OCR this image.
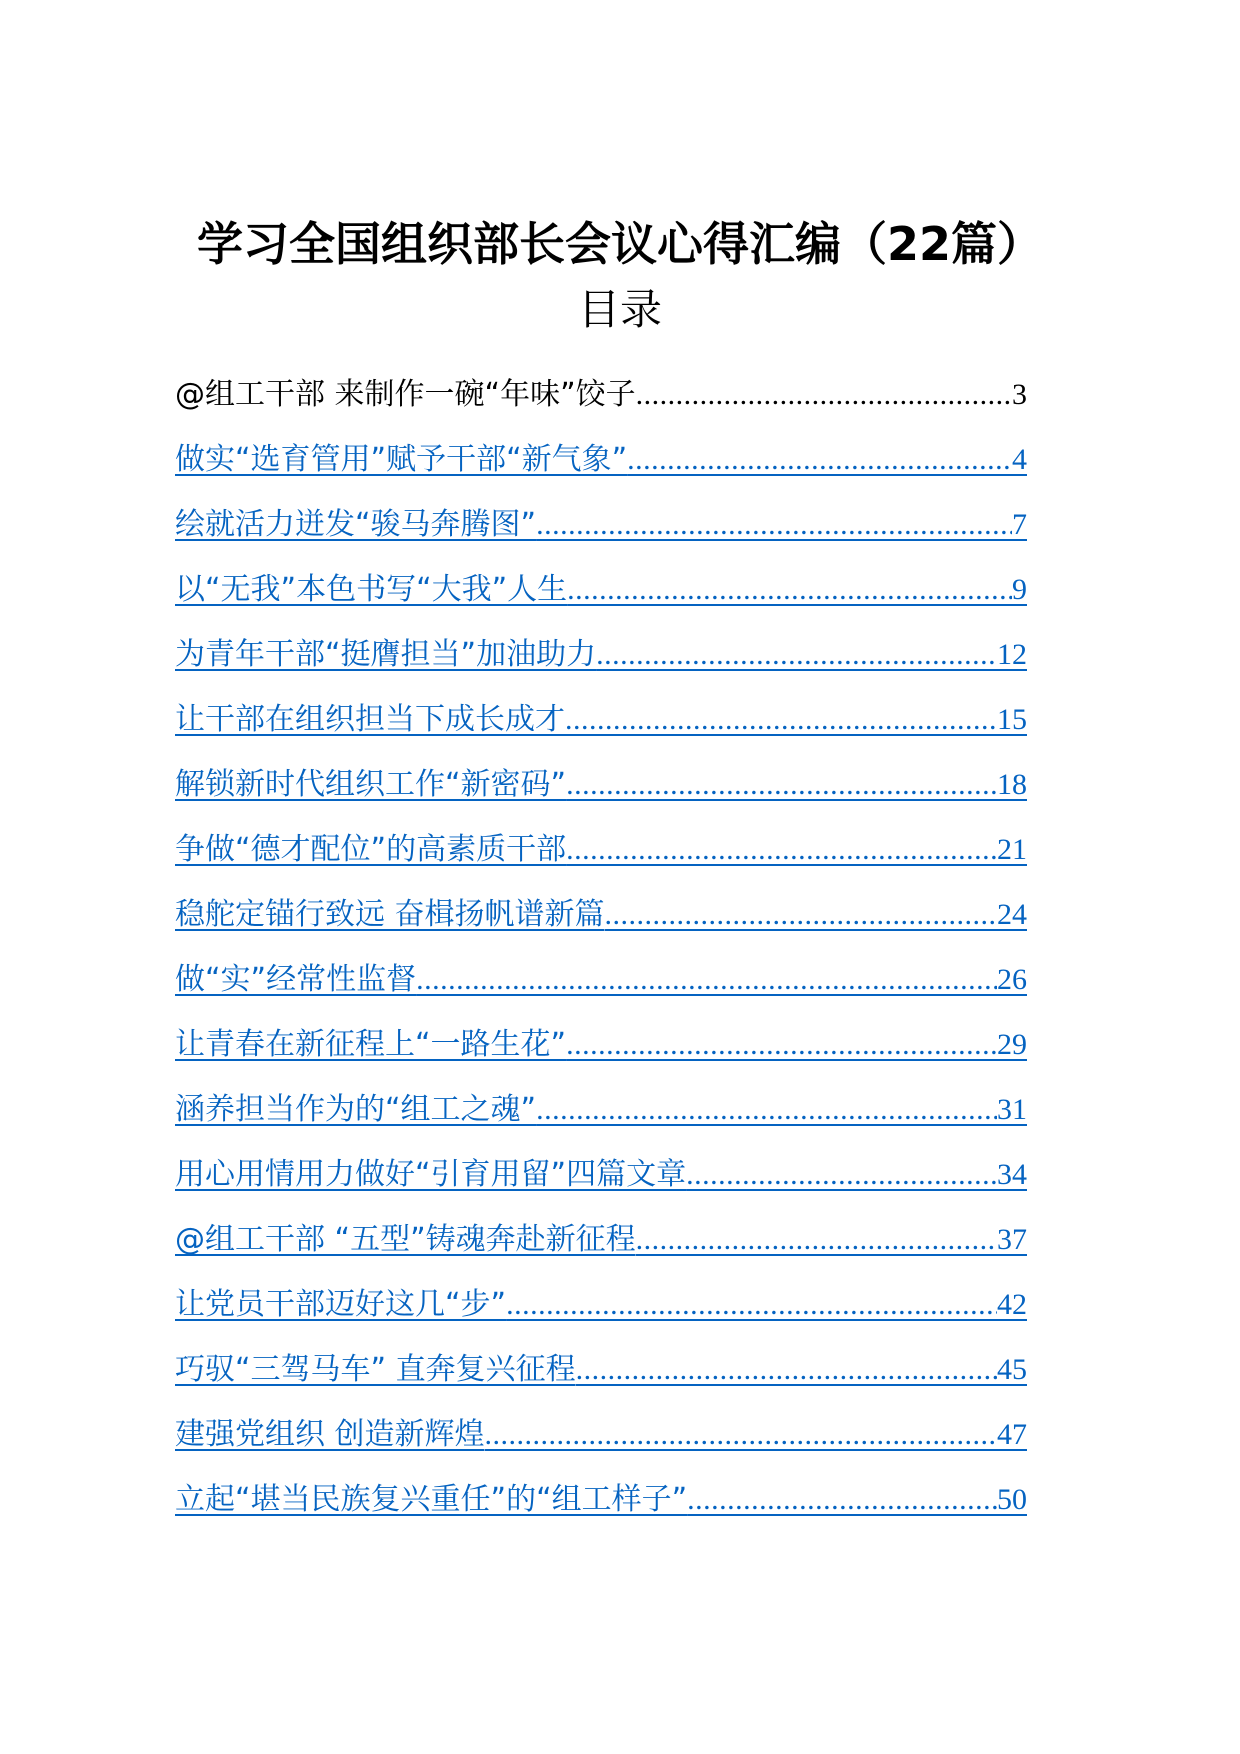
学习全国组织部长会议心得汇编（22篇）
目录
@组工干部 来制作一碗“年味”饺子 .....	3
做实“选育管用”赋予干部“新气象” .....	4
绘就活力迸发“骏马奔腾图” .....	7
以“无我”本色书写“大我”人生 .....	9
为青年干部“挺膺担当”加油助力 .....	12
让干部在组织担当下成长成才 .....	15
解锁新时代组织工作“新密码” .....	18
争做“德才配位”的高素质干部 .....	21
稳舵定锚行致远 奋楫扬帆谱新篇 .....	24
做“实”经常性监督 .....	26
让青春在新征程上“一路生花” .....	29
涵养担当作为的“组工之魂” .....	31
用心用情用力做好“引育用留”四篇文章 .....	34
@组工干部 “五型”铸魂奔赴新征程 .....	37
让党员干部迈好这几“步” .....	42
巧驭“三驾马车” 直奔复兴征程 .....	45
建强党组织 创造新辉煌 .....	47
立起“堪当民族复兴重任”的“组工样子” .....	50
